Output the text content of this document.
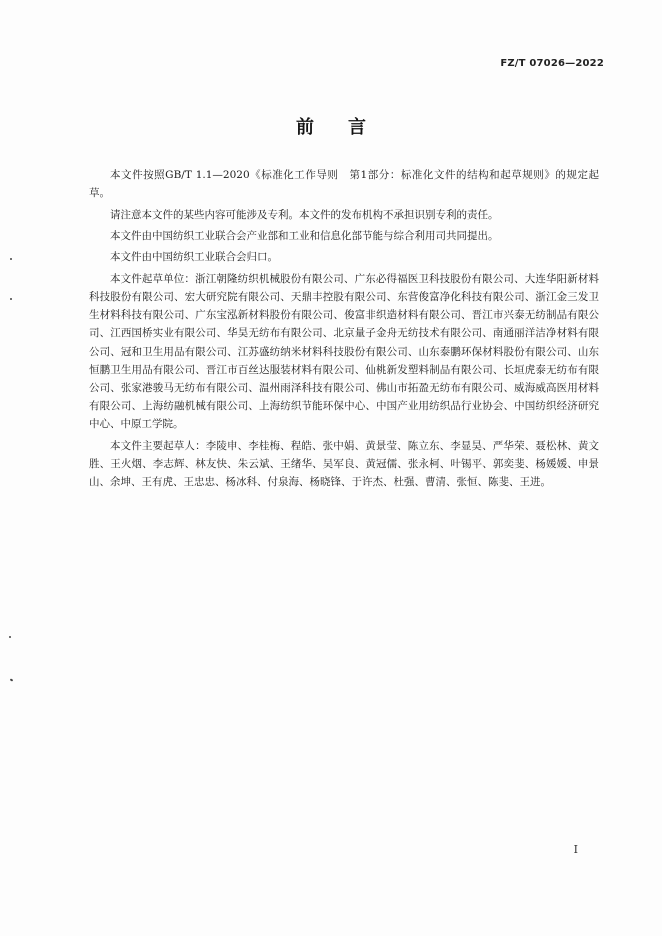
FZ/T 07026—2022
前言

本文件按照GB/T 1.1—2020《标准化工作导则　第1部分：标准化文件的结构和起草规则》的规定起草。

请注意本文件的某些内容可能涉及专利。本文件的发布机构不承担识别专利的责任。

本文件由中国纺织工业联合会产业部和工业和信息化部节能与综合利用司共同提出。

本文件由中国纺织工业联合会归口。

本文件起草单位：浙江朝隆纺织机械股份有限公司、广东必得福医卫科技股份有限公司、大连华阳新材料科技股份有限公司、宏大研究院有限公司、天鼎丰控股有限公司、东营俊富净化科技有限公司、浙江金三发卫生材料科技有限公司、广东宝泓新材料股份有限公司、俊富非织造材料有限公司、晋江市兴泰无纺制品有限公司、江西国桥实业有限公司、华昊无纺布有限公司、北京量子金舟无纺技术有限公司、南通丽洋洁净材料有限公司、冠和卫生用品有限公司、江苏盛纺纳米材料科技股份有限公司、山东泰鹏环保材料股份有限公司、山东恒鹏卫生用品有限公司、晋江市百丝达服装材料有限公司、仙桃新发塑料制品有限公司、长垣虎泰无纺布有限公司、张家港骏马无纺布有限公司、温州雨泽科技有限公司、佛山市拓盈无纺布有限公司、威海威高医用材料有限公司、上海纺融机械有限公司、上海纺织节能环保中心、中国产业用纺织品行业协会、中国纺织经济研究中心、中原工学院。

本文件主要起草人：李陵申、李桂梅、程皓、张中娟、黄景莹、陈立东、李显昊、严华荣、聂松林、黄文胜、王火烟、李志辉、林友快、朱云斌、王绪华、吴军良、黄冠儒、张永柯、叶锡平、郭奕斐、杨媛媛、申景山、余坤、王有虎、王忠忠、杨冰科、付泉海、杨晓锋、于许杰、杜强、曹清、张恒、陈斐、王进。

I
